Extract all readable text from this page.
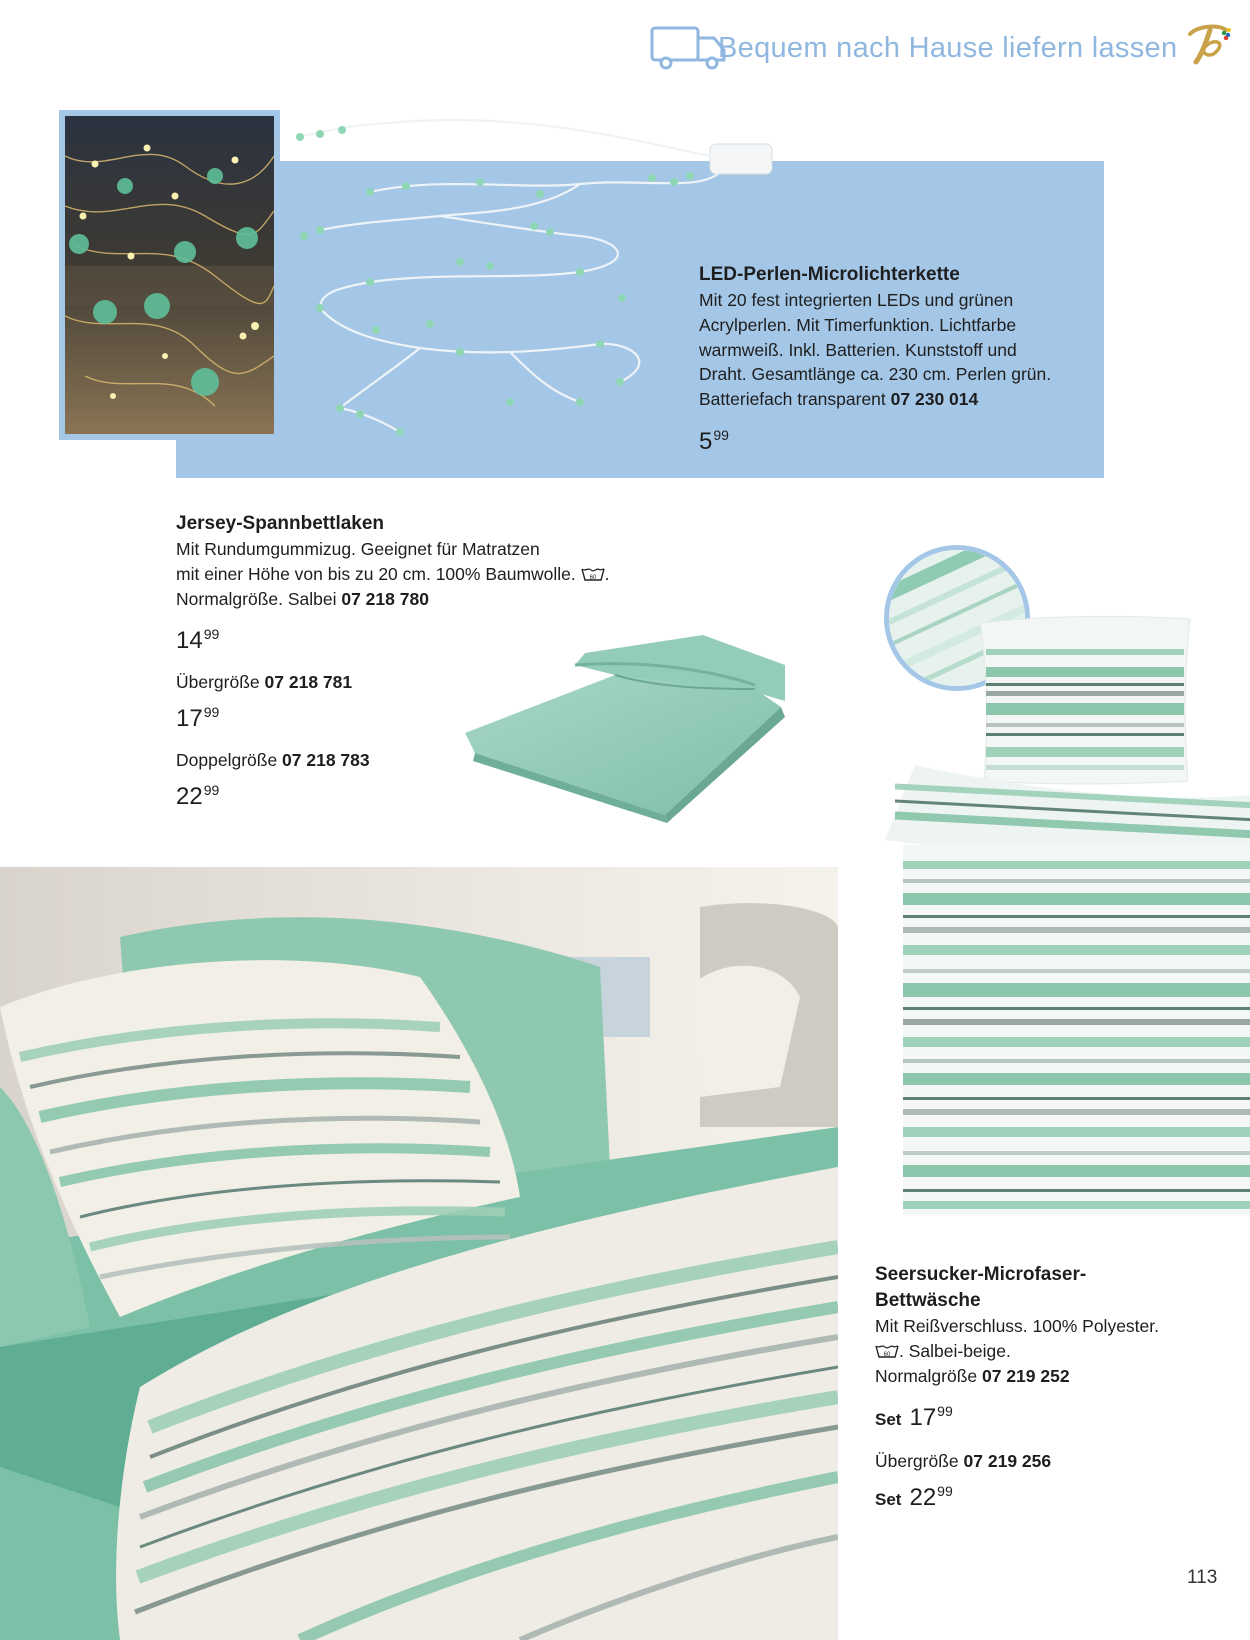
Bequem nach Hause liefern lassen
LED-Perlen-Microlichterkette
Mit 20 fest integrierten LEDs und grünen
Acrylperlen. Mit Timerfunktion. Lichtfarbe
warmweiß. Inkl. Batterien. Kunststoff und
Draht. Gesamtlänge ca. 230 cm. Perlen grün.
Batteriefach transparent 07 230 014
$5^{99}$
Jersey-Spannbettlaken
Mit Rundumgummizug. Geeignet für Matratzen
mit einer Höhe von bis zu 20 cm. 100% Baumwolle. 60 .
Normalgröße. Salbei 07 218 780
$14^{99}$
Übergröße 07 218 781
$17^{99}$
Doppelgröße 07 218 783
$22^{99}$
Seersucker-Microfaser-
Bettwäsche
Mit Reißverschluss. 100% Polyester.
60 . Salbei-beige.
Normalgröße 07 219 252
Set $17^{99}$
Übergröße 07 219 256
Set $22^{99}$
113
